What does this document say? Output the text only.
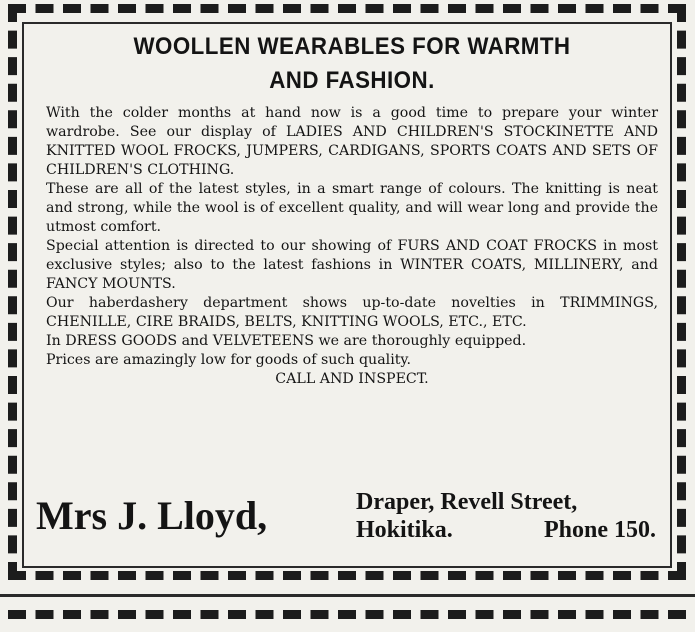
WOOLLEN WEARABLES FOR WARMTH
AND FASHION.

With the colder months at hand now is a good time to prepare your winter wardrobe. See our display of LADIES AND CHILDREN'S STOCKINETTE AND KNITTED WOOL FROCKS, JUMPERS, CARDIGANS, SPORTS COATS AND SETS OF CHILDREN'S CLOTHING.

These are all of the latest styles, in a smart range of colours. The knitting is neat and strong, while the wool is of excellent quality, and will wear long and provide the utmost comfort.

Special attention is directed to our showing of FURS AND COAT FROCKS in most exclusive styles; also to the latest fashions in WINTER COATS, MILLINERY, and FANCY MOUNTS.

Our haberdashery department shows up-to-date novelties in TRIMMINGS, CHENILLE, CIRE BRAIDS, BELTS, KNITTING WOOLS, ETC., ETC.

In DRESS GOODS and VELVETEENS we are thoroughly equipped.

Prices are amazingly low for goods of such quality.

CALL AND INSPECT.

Mrs J. Lloyd,	Draper, Revell Street,
Hokitika.	Phone 150.
